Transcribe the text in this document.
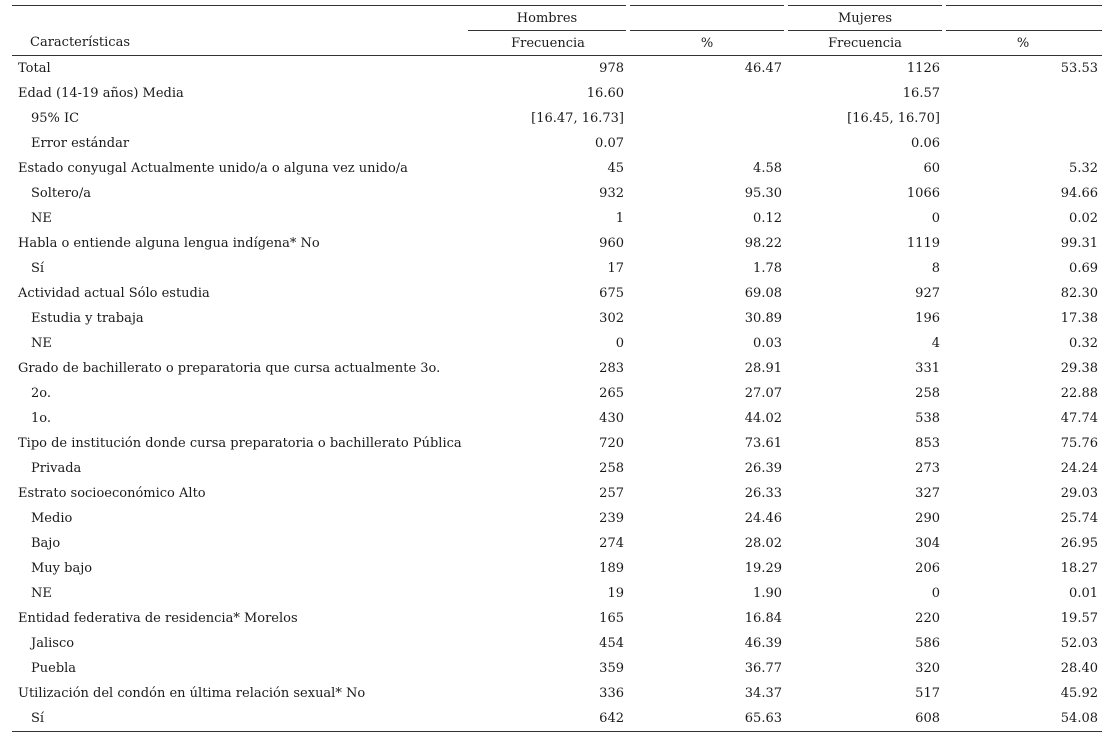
	Hombres		Mujeres	
Características	Frecuencia	%	Frecuencia	%
Total	978	46.47	1126	53.53
Edad (14-19 años) Media	16.60		16.57	
95% IC	[16.47, 16.73]		[16.45, 16.70]	
Error estándar	0.07		0.06	
Estado conyugal Actualmente unido/a o alguna vez unido/a	45	4.58	60	5.32
Soltero/a	932	95.30	1066	94.66
NE	1	0.12	0	0.02
Habla o entiende alguna lengua indígena* No	960	98.22	1119	99.31
Sí	17	1.78	8	0.69
Actividad actual Sólo estudia	675	69.08	927	82.30
Estudia y trabaja	302	30.89	196	17.38
NE	0	0.03	4	0.32
Grado de bachillerato o preparatoria que cursa actualmente 3o.	283	28.91	331	29.38
2o.	265	27.07	258	22.88
1o.	430	44.02	538	47.74
Tipo de institución donde cursa preparatoria o bachillerato Pública	720	73.61	853	75.76
Privada	258	26.39	273	24.24
Estrato socioeconómico Alto	257	26.33	327	29.03
Medio	239	24.46	290	25.74
Bajo	274	28.02	304	26.95
Muy bajo	189	19.29	206	18.27
NE	19	1.90	0	0.01
Entidad federativa de residencia* Morelos	165	16.84	220	19.57
Jalisco	454	46.39	586	52.03
Puebla	359	36.77	320	28.40
Utilización del condón en última relación sexual* No	336	34.37	517	45.92
Sí	642	65.63	608	54.08
